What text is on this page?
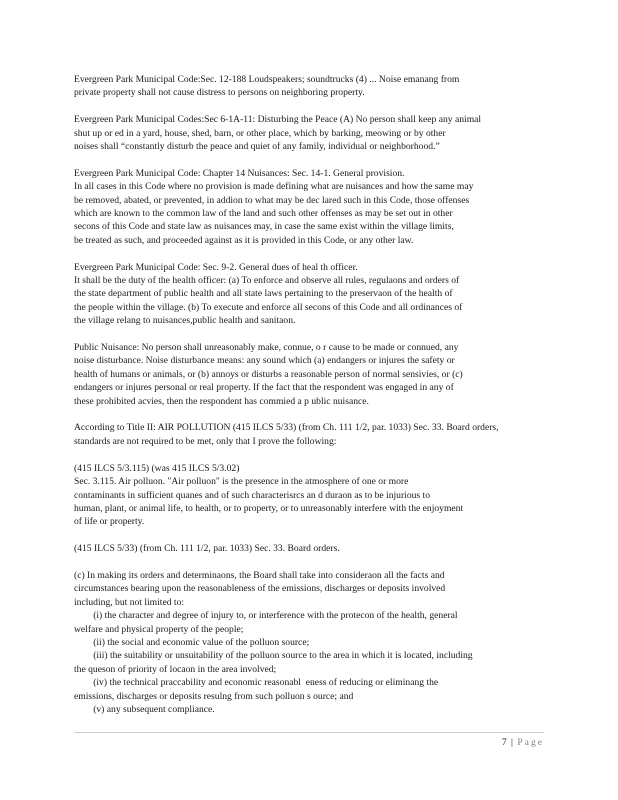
Evergreen Park Municipal Code:Sec. 12-188 Loudspeakers; soundtrucks (4) ... Noise emanang from
private property shall not cause distress to persons on neighboring property.

Evergreen Park Municipal Codes:Sec 6-1A-11: Disturbing the Peace (A) No person shall keep any animal
shut up or ed in a yard, house, shed, barn, or other place, which by barking, meowing or by other
noises shall “constantly disturb the peace and quiet of any family, individual or neighborhood.”

Evergreen Park Municipal Code: Chapter 14 Nuisances: Sec. 14-1. General provision.
In all cases in this Code where no provision is made defining what are nuisances and how the same may
be removed, abated, or prevented, in addion to what may be dec lared such in this Code, those offenses
which are known to the common law of the land and such other offenses as may be set out in other
secons of this Code and state law as nuisances may, in case the same exist within the village limits,
be treated as such, and proceeded against as it is provided in this Code, or any other law.

Evergreen Park Municipal Code: Sec. 9-2. General dues of heal th officer.
It shall be the duty of the health officer: (a) To enforce and observe all rules, regulaons and orders of
the state department of public health and all state laws pertaining to the preservaon of the health of
the people within the village. (b) To execute and enforce all secons of this Code and all ordinances of
the village relang to nuisances,public health and sanitaon.

Public Nuisance: No person shall unreasonably make, connue, o r cause to be made or connued, any
noise disturbance. Noise disturbance means: any sound which (a) endangers or injures the safety or
health of humans or animals, or (b) annoys or disturbs a reasonable person of normal sensivies, or (c)
endangers or injures personal or real property. If the fact that the respondent was engaged in any of
these prohibited acvies, then the respondent has commied a p ublic nuisance.

According to Title II: AIR POLLUTION (415 ILCS 5/33) (from Ch. 111 1/2, par. 1033) Sec. 33. Board orders,
standards are not required to be met, only that I prove the following:

(415 ILCS 5/3.115) (was 415 ILCS 5/3.02)
Sec. 3.115. Air polluon. "Air polluon" is the presence in the atmosphere of one or more
contaminants in sufficient quanes and of such characterisrcs an d duraon as to be injurious to
human, plant, or animal life, to health, or to property, or to unreasonably interfere with the enjoyment
of life or property.

(415 ILCS 5/33) (from Ch. 111 1/2, par. 1033) Sec. 33. Board orders.

(c) In making its orders and determinaons, the Board shall take into consideraon all the facts and
circumstances bearing upon the reasonableness of the emissions, discharges or deposits involved
including, but not limited to:
(i) the character and degree of injury to, or interference with the protecon of the health, general
welfare and physical property of the people;
(ii) the social and economic value of the polluon source;
(iii) the suitability or unsuitability of the polluon source to the area in which it is located, including
the queson of priority of locaon in the area involved;
(iv) the technical praccability and economic reasonabl  eness of reducing or eliminang the
emissions, discharges or deposits resulng from such polluon s ource; and
(v) any subsequent compliance.

7 | Page
